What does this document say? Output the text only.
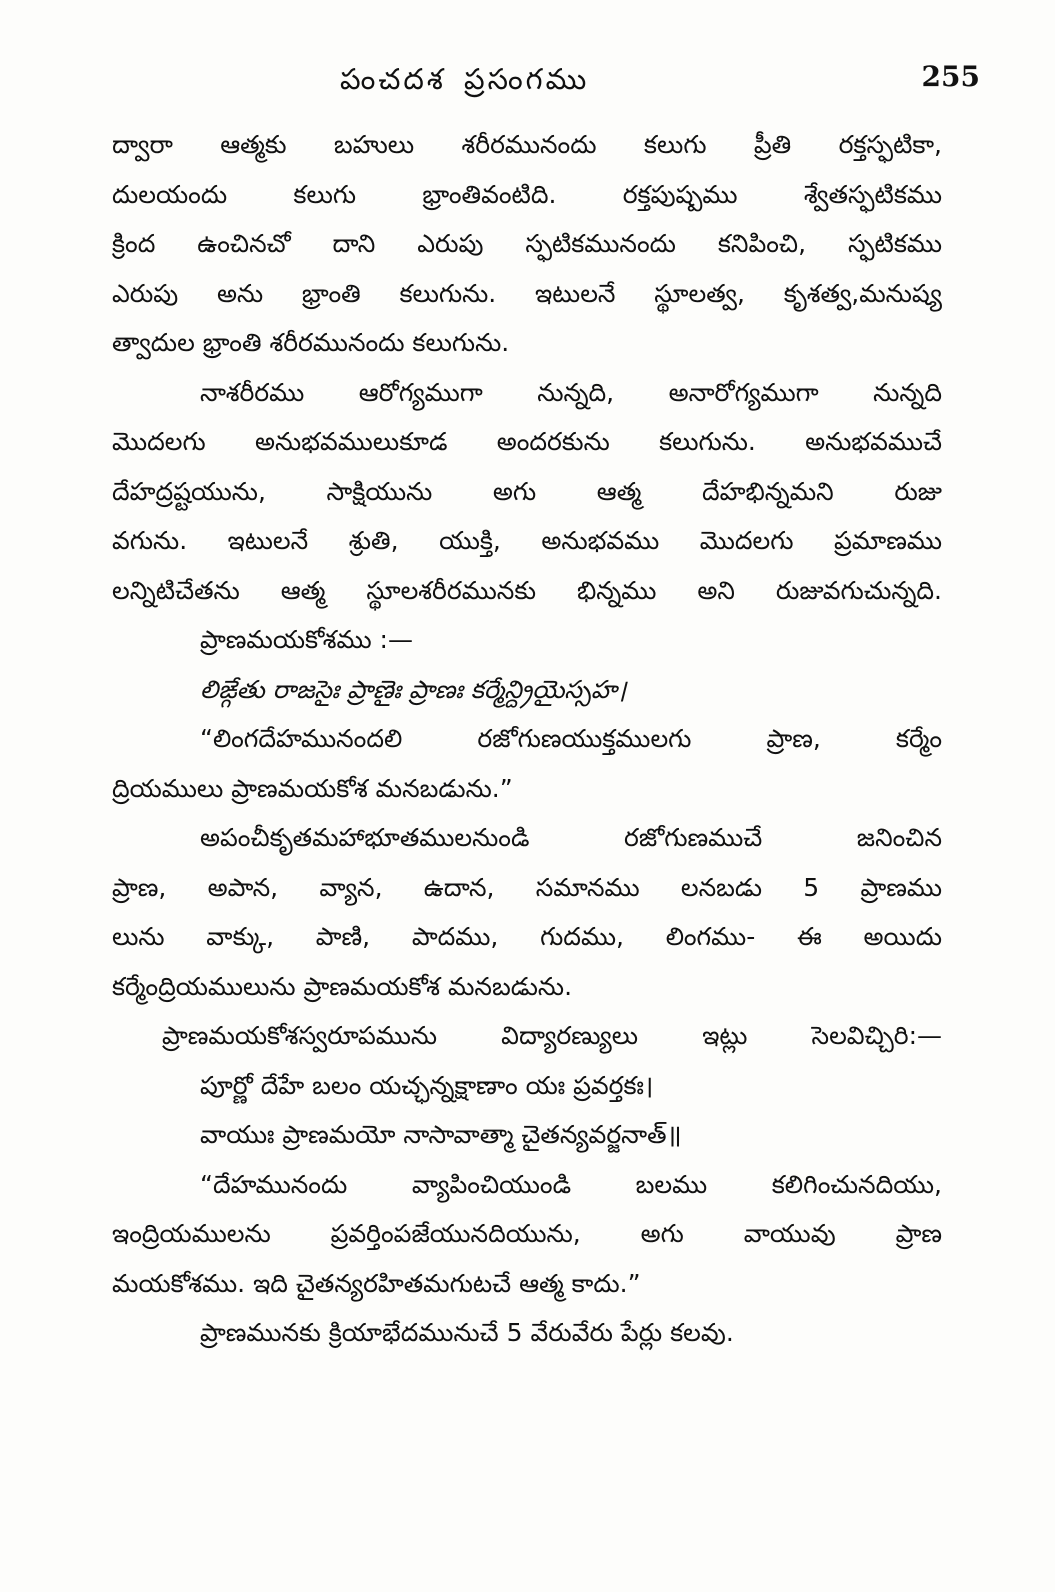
పంచదశ ప్రసంగము	255
ద్వారా ఆత్మకు బహులు శరీరమునందు కలుగు ప్రీతి రక్తస్ఫటికా,
దులయందు కలుగు భ్రాంతివంటిది. రక్తపుష్పము శ్వేతస్ఫటికము
క్రింద ఉంచినచో దాని ఎరుపు స్ఫటికమునందు కనిపించి, స్ఫటికము
ఎరుపు అను భ్రాంతి కలుగును. ఇటులనే స్థూలత్వ, కృశత్వ,మనుష్య
త్వాదుల భ్రాంతి శరీరమునందు కలుగును.
నాశరీరము ఆరోగ్యముగా నున్నది, అనారోగ్యముగా నున్నది
మొదలగు అనుభవములుకూడ అందరకును కలుగును. అనుభవముచే
దేహద్రష్టయును, సాక్షియును అగు ఆత్మ దేహభిన్నమని రుజు
వగును. ఇటులనే శ్రుతి, యుక్తి, అనుభవము మొదలగు ప్రమాణము
లన్నిటిచేతను ఆత్మ స్థూలశరీరమునకు భిన్నము అని రుజువగుచున్నది.
ప్రాణమయకోశము :—
లిఙ్గేతు రాజసైః ప్రాణైః ప్రాణః కర్మేన్ద్రియైస్సహ।
“లింగదేహమునందలి రజోగుణయుక్తములగు ప్రాణ, కర్మేం
ద్రియములు ప్రాణమయకోశ మనబడును.”
అపంచీకృతమహాభూతములనుండి రజోగుణముచే జనించిన
ప్రాణ, అపాన, వ్యాన, ఉదాన, సమానము లనబడు 5 ప్రాణము
లును వాక్కు, పాణి, పాదము, గుదము, లింగము- ఈ అయిదు
కర్మేంద్రియములును ప్రాణమయకోశ మనబడును.
ప్రాణమయకోశస్వరూపమును విద్యారణ్యులు ఇట్లు సెలవిచ్చిరి:—
పూర్ణో దేహే బలం యచ్ఛన్నక్షాణాం యః ప్రవర్తకః।
వాయుః ప్రాణమయో నాసావాత్మా చైతన్యవర్జనాత్॥
“దేహమునందు వ్యాపించియుండి బలము కలిగించునదియు,
ఇంద్రియములను ప్రవర్తింపజేయునదియును, అగు వాయువు ప్రాణ
మయకోశము. ఇది చైతన్యరహితమగుటచే ఆత్మ కాదు.”
ప్రాణమునకు క్రియాభేదమునుచే 5 వేరువేరు పేర్లు కలవు.
